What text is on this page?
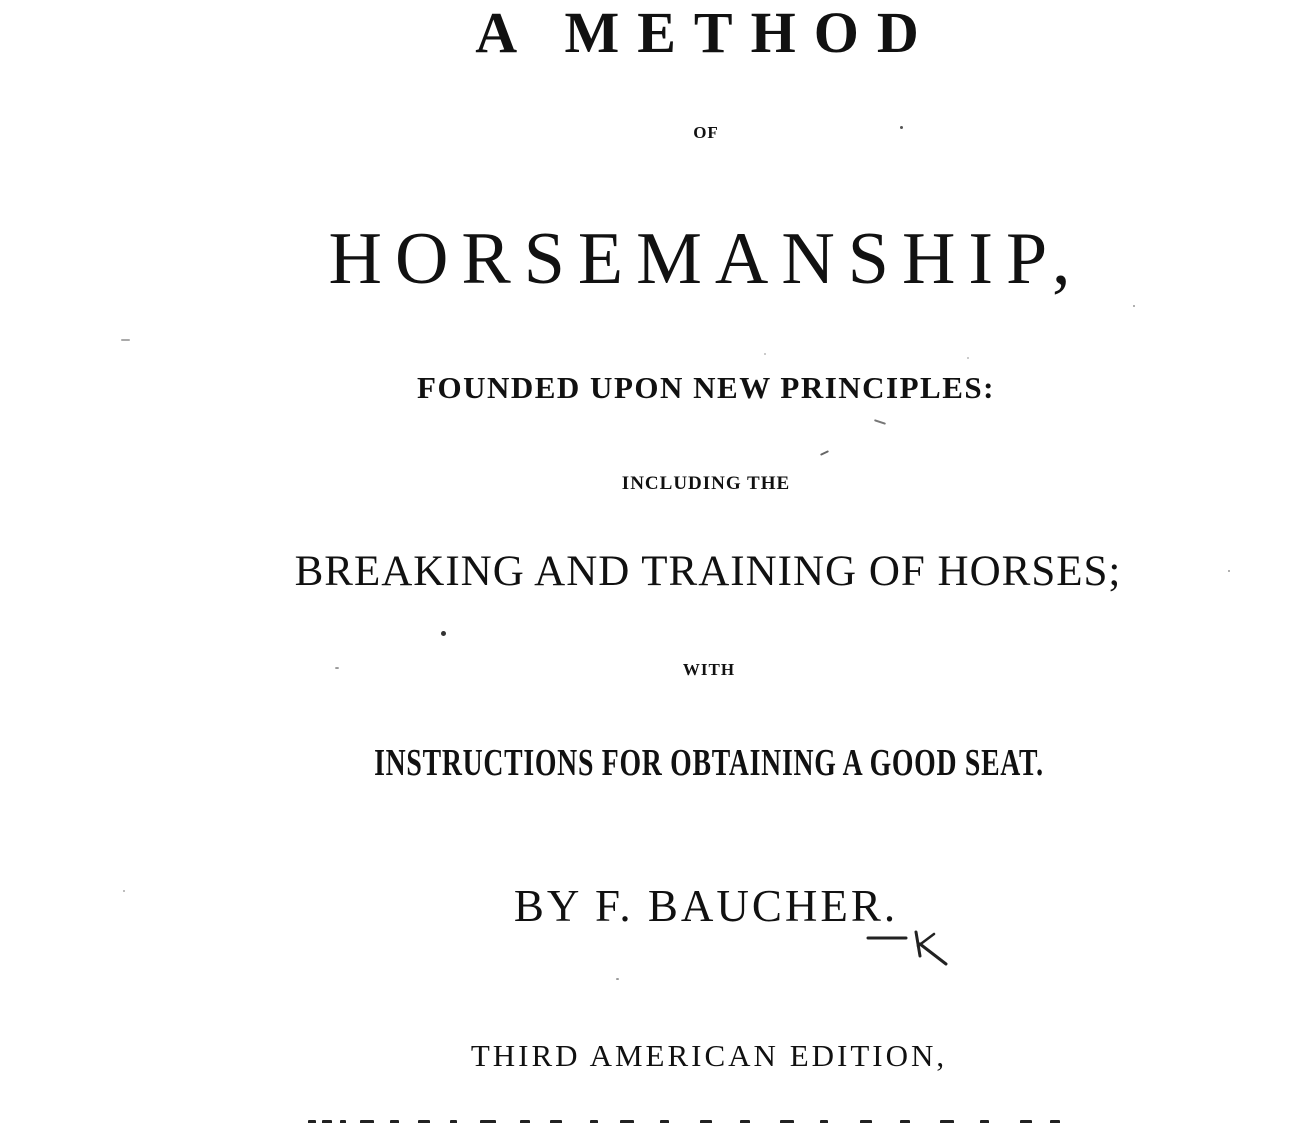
A METHOD
OF
HORSEMANSHIP,
FOUNDED UPON NEW PRINCIPLES:
INCLUDING THE
BREAKING AND TRAINING OF HORSES;
WITH
INSTRUCTIONS FOR OBTAINING A GOOD SEAT.
BY F. BAUCHER.
THIRD AMERICAN EDITION,
